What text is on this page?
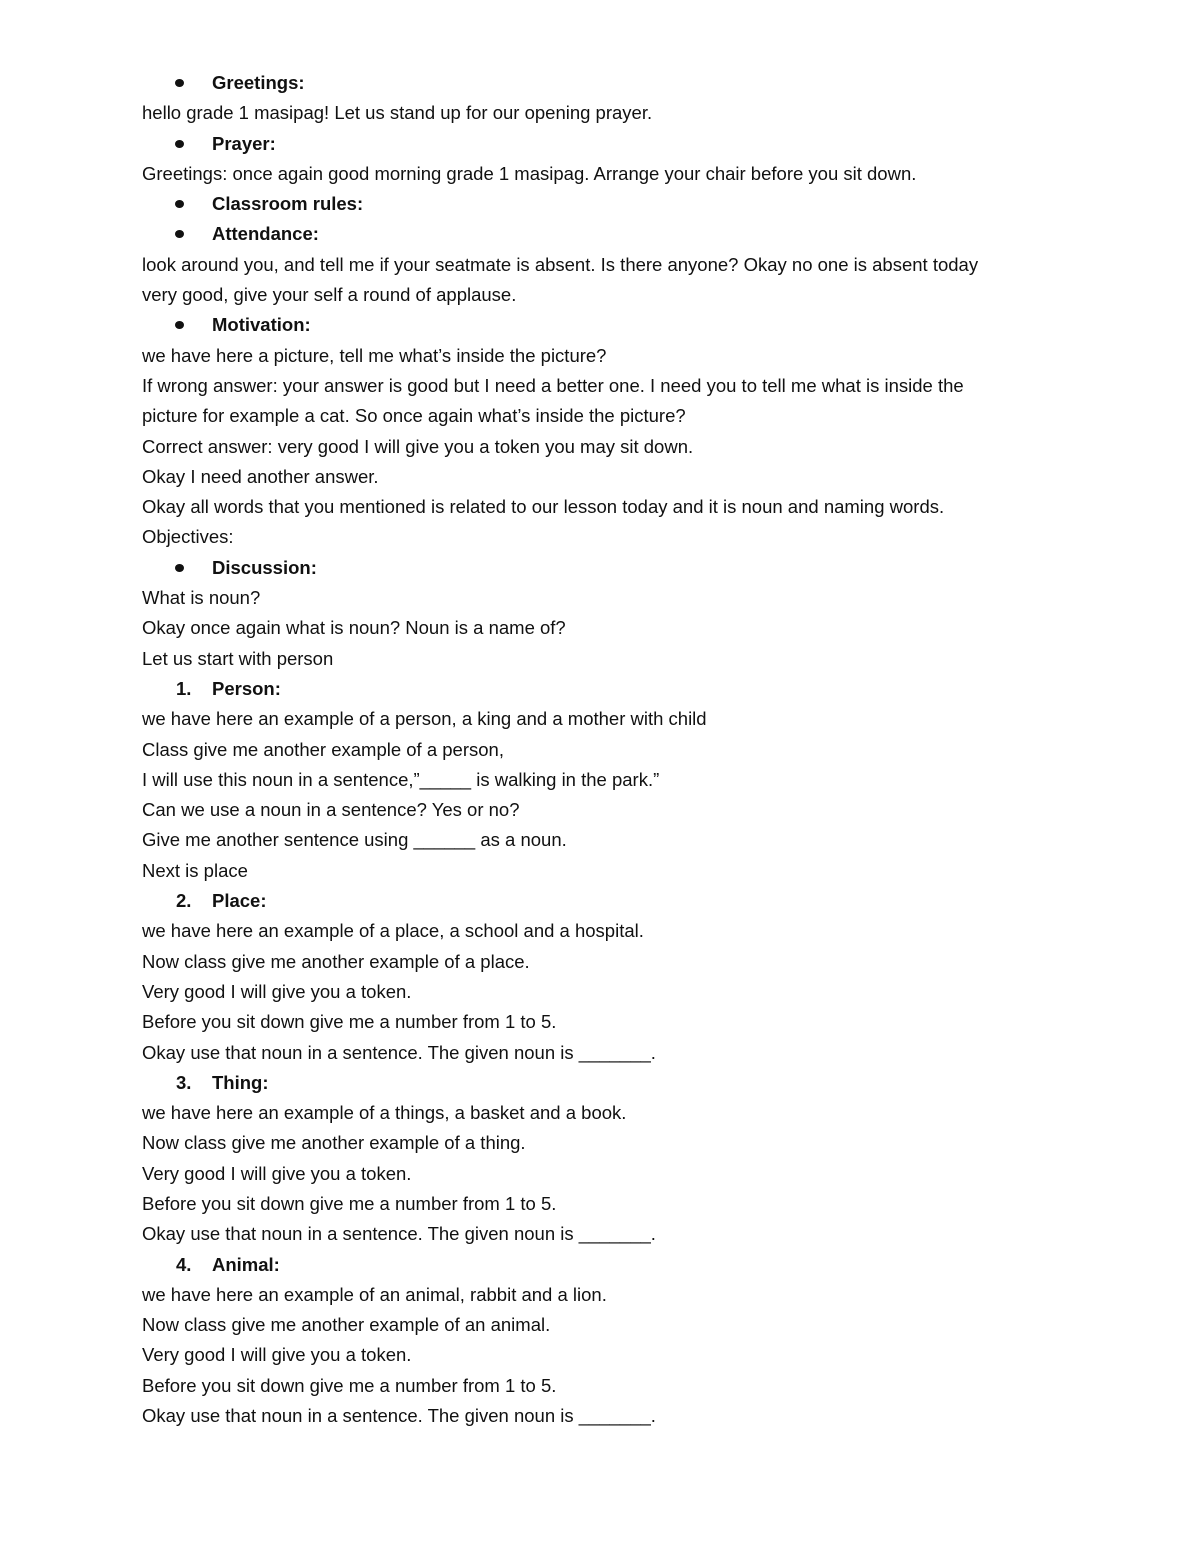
Greetings:
hello grade 1 masipag! Let us stand up for our opening prayer.
Prayer:
Greetings: once again good morning grade 1 masipag. Arrange your chair before you sit down.
Classroom rules:
Attendance:
look around you, and tell me if your seatmate is absent. Is there anyone? Okay no one is absent today
very good, give your self a round of applause.
Motivation:
we have here a picture, tell me what’s inside the picture?
If wrong answer: your answer is good but I need a better one. I need you to tell me what is inside the
picture for example a cat. So once again what’s inside the picture?
Correct answer: very good I will give you a token you may sit down.
Okay I need another answer.
Okay all words that you mentioned is related to our lesson today and it is noun and naming words.
Objectives:
Discussion:
What is noun?
Okay once again what is noun? Noun is a name of?
Let us start with person
1. Person:
we have here an example of a person, a king and a mother with child
Class give me another example of a person,
I will use this noun in a sentence,”_____ is walking in the park.”
Can we use a noun in a sentence? Yes or no?
Give me another sentence using ______ as a noun.
Next is place
2. Place:
we have here an example of a place, a school and a hospital.
Now class give me another example of a place.
Very good I will give you a token.
Before you sit down give me a number from 1 to 5.
Okay use that noun in a sentence. The given noun is _______.
3. Thing:
we have here an example of a things, a basket and a book.
Now class give me another example of a thing.
Very good I will give you a token.
Before you sit down give me a number from 1 to 5.
Okay use that noun in a sentence. The given noun is _______.
4. Animal:
we have here an example of an animal, rabbit and a lion.
Now class give me another example of an animal.
Very good I will give you a token.
Before you sit down give me a number from 1 to 5.
Okay use that noun in a sentence. The given noun is _______.
